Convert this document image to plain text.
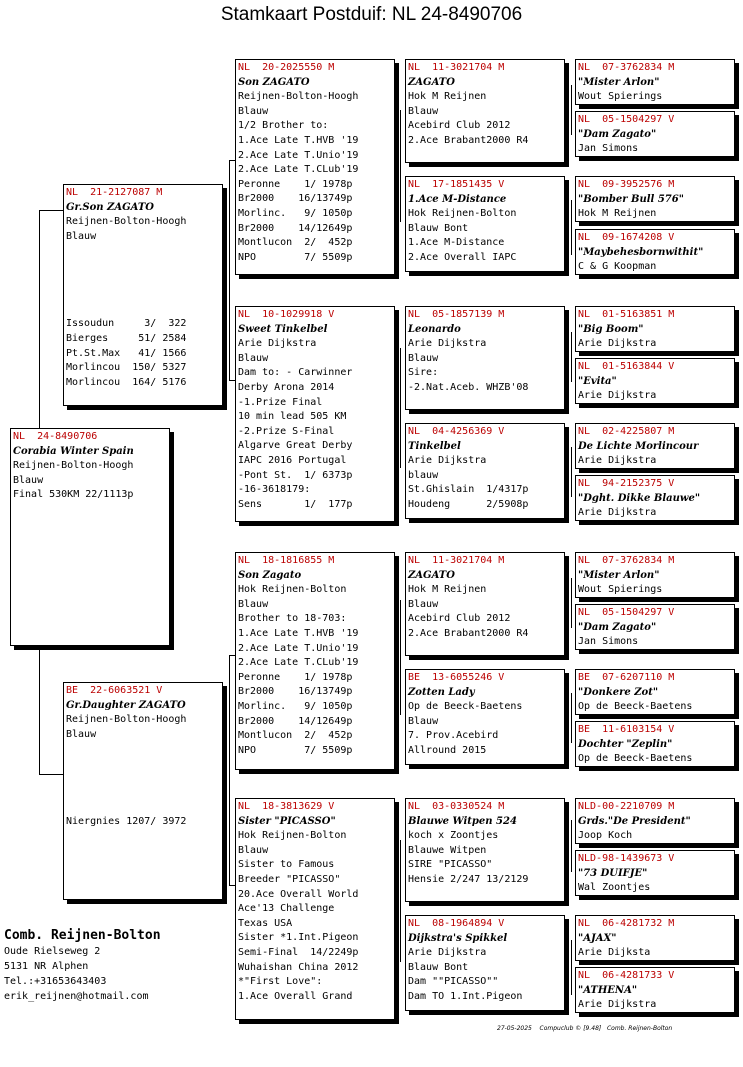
Stamkaart Postduif: NL 24-8490706
NL  24-8490706
Corabia Winter Spain
Reijnen-Bolton-Hoogh
Blauw
Final 530KM 22/1113p
NL  21-2127087 M
Gr.Son ZAGATO
Reijnen-Bolton-Hoogh
Blauw

Issoudun     3/  322
Bierges     51/ 2584
Pt.St.Max   41/ 1566
Morlincou  150/ 5327
Morlincou  164/ 5176
BE  22-6063521 V
Gr.Daughter ZAGATO
Reijnen-Bolton-Hoogh
Blauw

Niergnies 1207/ 3972
NL  20-2025550 M
Son ZAGATO
Reijnen-Bolton-Hoogh
Blauw
1/2 Brother to:
1.Ace Late T.HVB '19
2.Ace Late T.Unio'19
2.Ace Late T.CLub'19
Peronne    1/ 1978p
Br2000    16/13749p
Morlinc.   9/ 1050p
Br2000    14/12649p
Montlucon  2/  452p
NPO        7/ 5509p
NL  10-1029918 V
Sweet Tinkelbel
Arie Dijkstra
Blauw
Dam to: - Carwinner
Derby Arona 2014
-1.Prize Final
10 min lead 505 KM
-2.Prize S-Final
Algarve Great Derby
IAPC 2016 Portugal
-Pont St.  1/ 6373p
-16-3618179:
Sens       1/  177p
NL  18-1816855 M
Son Zagato
Hok Reijnen-Bolton
Blauw
Brother to 18-703:
1.Ace Late T.HVB '19
2.Ace Late T.Unio'19
2.Ace Late T.CLub'19
Peronne    1/ 1978p
Br2000    16/13749p
Morlinc.   9/ 1050p
Br2000    14/12649p
Montlucon  2/  452p
NPO        7/ 5509p
NL  18-3813629 V
Sister "PICASSO"
Hok Reijnen-Bolton
Blauw
Sister to Famous
Breeder "PICASSO"
20.Ace Overall World
Ace'13 Challenge
Texas USA
Sister *1.Int.Pigeon
Semi-Final  14/2249p
Wuhaishan China 2012
*"First Love":
1.Ace Overall Grand
NL  11-3021704 M
ZAGATO
Hok M Reijnen
Blauw
Acebird Club 2012
2.Ace Brabant2000 R4
NL  17-1851435 V
1.Ace M-Distance
Hok Reijnen-Bolton
Blauw Bont
1.Ace M-Distance
2.Ace Overall IAPC
NL  05-1857139 M
Leonardo
Arie Dijkstra
Blauw
Sire:
-2.Nat.Aceb. WHZB'08
NL  04-4256369 V
Tinkelbel
Arie Dijkstra
blauw
St.Ghislain  1/4317p
Houdeng      2/5908p
NL  11-3021704 M
ZAGATO
Hok M Reijnen
Blauw
Acebird Club 2012
2.Ace Brabant2000 R4
BE  13-6055246 V
Zotten Lady
Op de Beeck-Baetens
Blauw
7. Prov.Acebird
Allround 2015
NL  03-0330524 M
Blauwe Witpen 524
koch x Zoontjes
Blauwe Witpen
SIRE "PICASSO"
Hensie 2/247 13/2129
NL  08-1964894 V
Dijkstra's Spikkel
Arie Dijkstra
Blauw Bont
Dam ""PICASSO""
Dam TO 1.Int.Pigeon
NL  07-3762834 M
"Mister Arlon"
Wout Spierings
NL  05-1504297 V
"Dam Zagato"
Jan Simons
NL  09-3952576 M
"Bomber Bull 576"
Hok M Reijnen
NL  09-1674208 V
"Maybehesbornwithit"
C & G Koopman
NL  01-5163851 M
"Big Boom"
Arie Dijkstra
NL  01-5163844 V
"Evita"
Arie Dijkstra
NL  02-4225807 M
De Lichte Morlincour
Arie Dijkstra
NL  94-2152375 V
"Dght. Dikke Blauwe"
Arie Dijkstra
NL  07-3762834 M
"Mister Arlon"
Wout Spierings
NL  05-1504297 V
"Dam Zagato"
Jan Simons
BE  07-6207110 M
"Donkere Zot"
Op de Beeck-Baetens
BE  11-6103154 V
Dochter "Zeplin"
Op de Beeck-Baetens
NLD-00-2210709 M
Grds."De President"
Joop Koch
NLD-98-1439673 V
"73 DUIFJE"
Wal Zoontjes
NL  06-4281732 M
"AJAX"
Arie Dijksta
NL  06-4281733 V
"ATHENA"
Arie Dijkstra
Comb. Reijnen-Bolton
Oude Rielseweg 2
5131 NR Alphen
Tel.:+31653643403
erik_reijnen@hotmail.com
27-05-2025    Compuclub © [9.48]   Comb. Reijnen-Bolton
